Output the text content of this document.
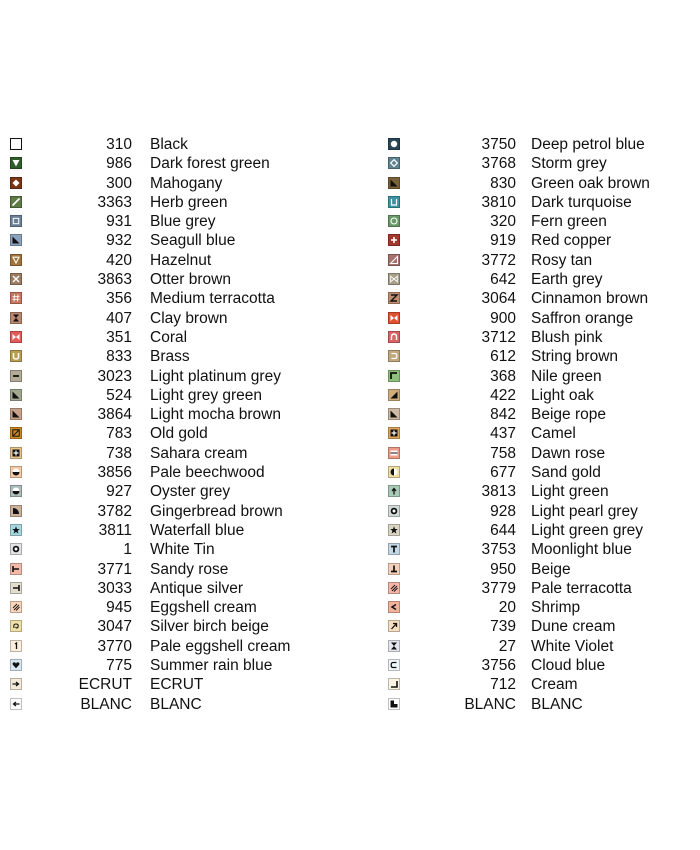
310 Black
986 Dark forest green
300 Mahogany
3363 Herb green
931 Blue grey
932 Seagull blue
420 Hazelnut
3863 Otter brown
356 Medium terracotta
407 Clay brown
351 Coral
833 Brass
3023 Light platinum grey
524 Light grey green
3864 Light mocha brown
783 Old gold
738 Sahara cream
3856 Pale beechwood
927 Oyster grey
3782 Gingerbread brown
3811 Waterfall blue
1 White Tin
3771 Sandy rose
3033 Antique silver
945 Eggshell cream
3047 Silver birch beige
3770 Pale eggshell cream
775 Summer rain blue
ECRUT ECRUT
BLANC BLANC
3750 Deep petrol blue
3768 Storm grey
830 Green oak brown
3810 Dark turquoise
320 Fern green
919 Red copper
3772 Rosy tan
642 Earth grey
3064 Cinnamon brown
900 Saffron orange
3712 Blush pink
612 String brown
368 Nile green
422 Light oak
842 Beige rope
437 Camel
758 Dawn rose
677 Sand gold
3813 Light green
928 Light pearl grey
644 Light green grey
3753 Moonlight blue
950 Beige
3779 Pale terracotta
20 Shrimp
739 Dune cream
27 White Violet
3756 Cloud blue
712 Cream
BLANC BLANC
